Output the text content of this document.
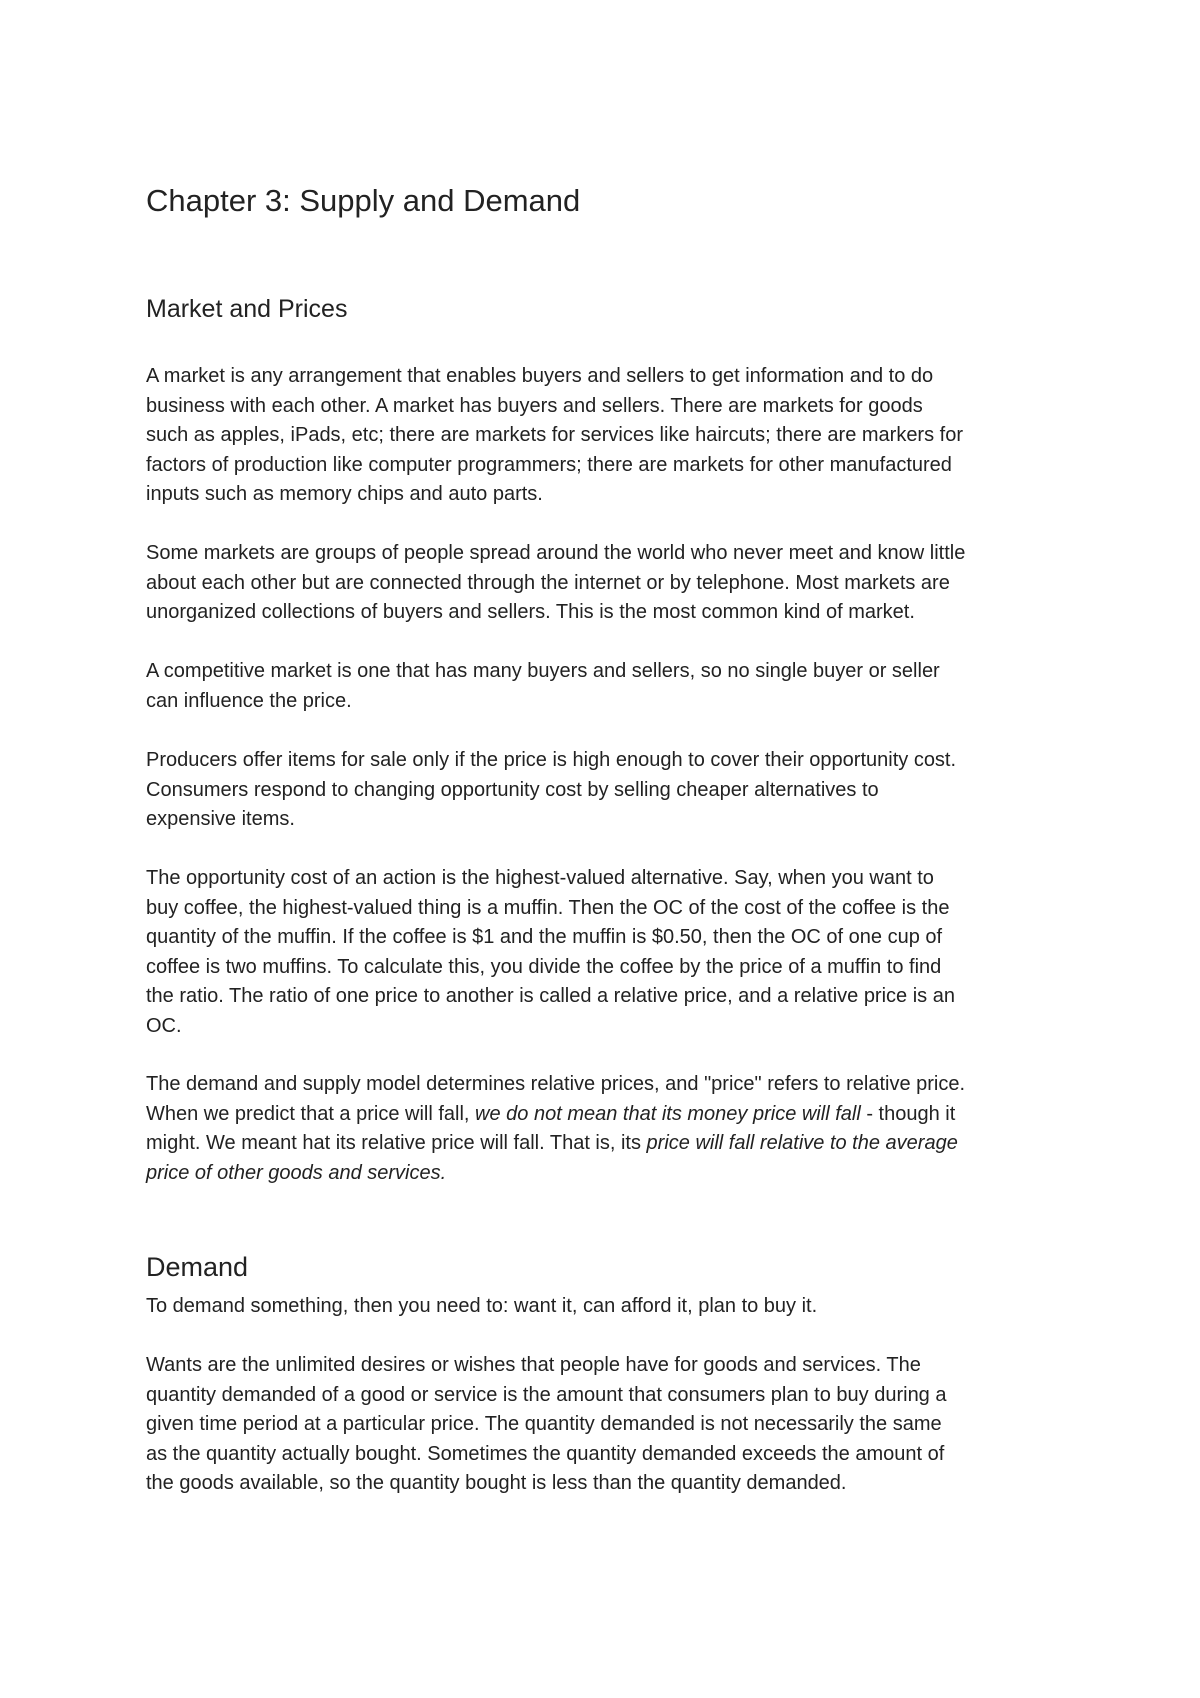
Chapter 3: Supply and Demand
Market and Prices

A market is any arrangement that enables buyers and sellers to get information and to do
business with each other. A market has buyers and sellers. There are markets for goods
such as apples, iPads, etc; there are markets for services like haircuts; there are markers for
factors of production like computer programmers; there are markets for other manufactured
inputs such as memory chips and auto parts.

Some markets are groups of people spread around the world who never meet and know little
about each other but are connected through the internet or by telephone. Most markets are
unorganized collections of buyers and sellers. This is the most common kind of market.

A competitive market is one that has many buyers and sellers, so no single buyer or seller
can influence the price.

Producers offer items for sale only if the price is high enough to cover their opportunity cost.
Consumers respond to changing opportunity cost by selling cheaper alternatives to
expensive items.

The opportunity cost of an action is the highest-valued alternative. Say, when you want to
buy coffee, the highest-valued thing is a muffin. Then the OC of the cost of the coffee is the
quantity of the muffin. If the coffee is $1 and the muffin is $0.50, then the OC of one cup of
coffee is two muffins. To calculate this, you divide the coffee by the price of a muffin to find
the ratio. The ratio of one price to another is called a relative price, and a relative price is an
OC.

The demand and supply model determines relative prices, and "price" refers to relative price.
When we predict that a price will fall, we do not mean that its money price will fall - though it
might. We meant hat its relative price will fall. That is, its price will fall relative to the average
price of other goods and services.

Demand

To demand something, then you need to: want it, can afford it, plan to buy it.

Wants are the unlimited desires or wishes that people have for goods and services. The
quantity demanded of a good or service is the amount that consumers plan to buy during a
given time period at a particular price. The quantity demanded is not necessarily the same
as the quantity actually bought. Sometimes the quantity demanded exceeds the amount of
the goods available, so the quantity bought is less than the quantity demanded.
